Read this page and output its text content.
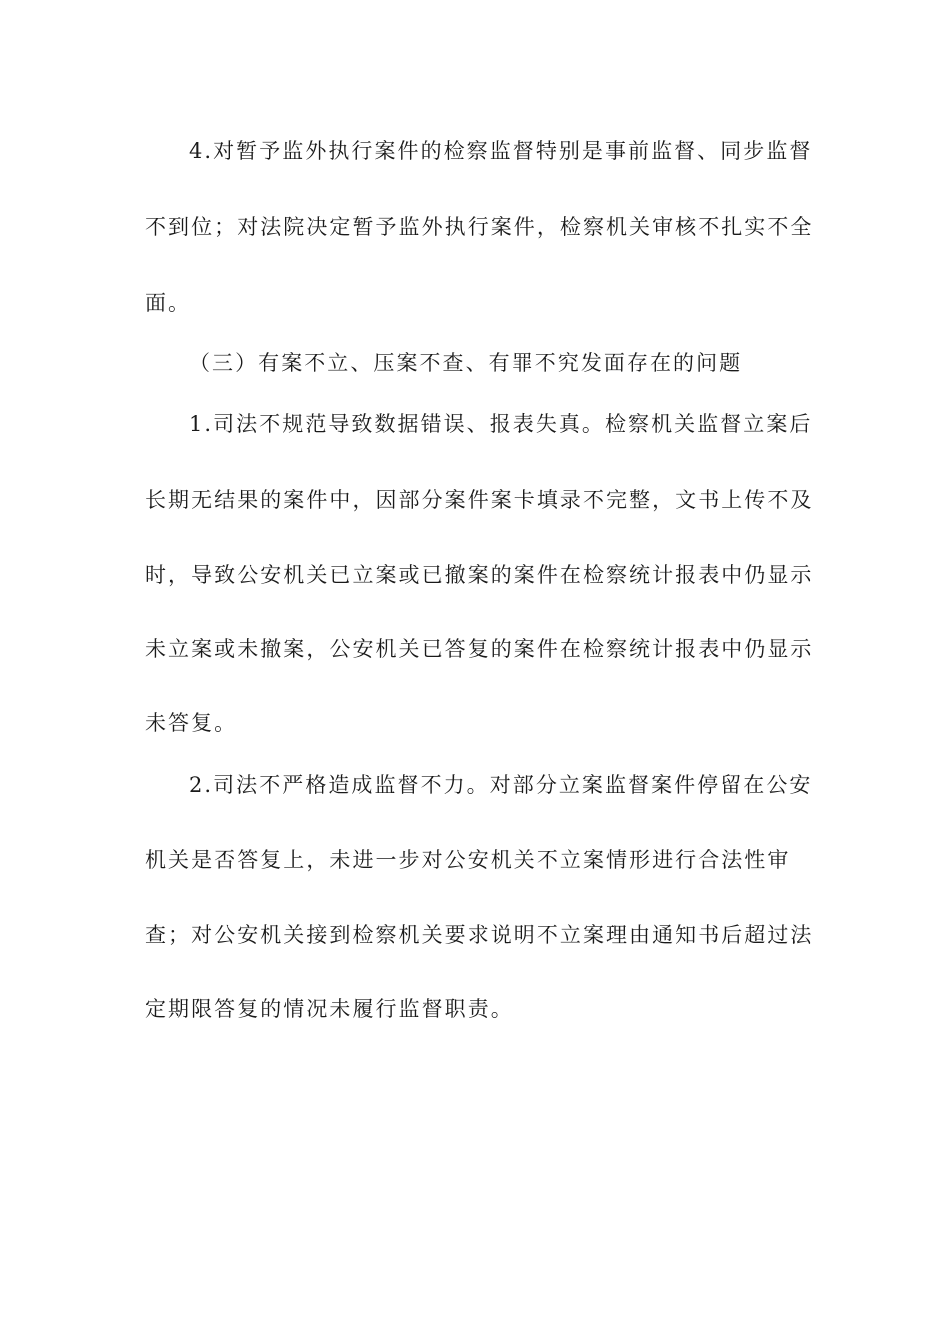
4.对暂予监外执行案件的检察监督特别是事前监督、同步监督
不到位；对法院决定暂予监外执行案件，检察机关审核不扎实不全
面。
（三）有案不立、压案不查、有罪不究发面存在的问题
1.司法不规范导致数据错误、报表失真。检察机关监督立案后
长期无结果的案件中，因部分案件案卡填录不完整，文书上传不及
时，导致公安机关已立案或已撤案的案件在检察统计报表中仍显示
未立案或未撤案，公安机关已答复的案件在检察统计报表中仍显示
未答复。
2.司法不严格造成监督不力。对部分立案监督案件停留在公安
机关是否答复上，未进一步对公安机关不立案情形进行合法性审
查；对公安机关接到检察机关要求说明不立案理由通知书后超过法
定期限答复的情况未履行监督职责。
